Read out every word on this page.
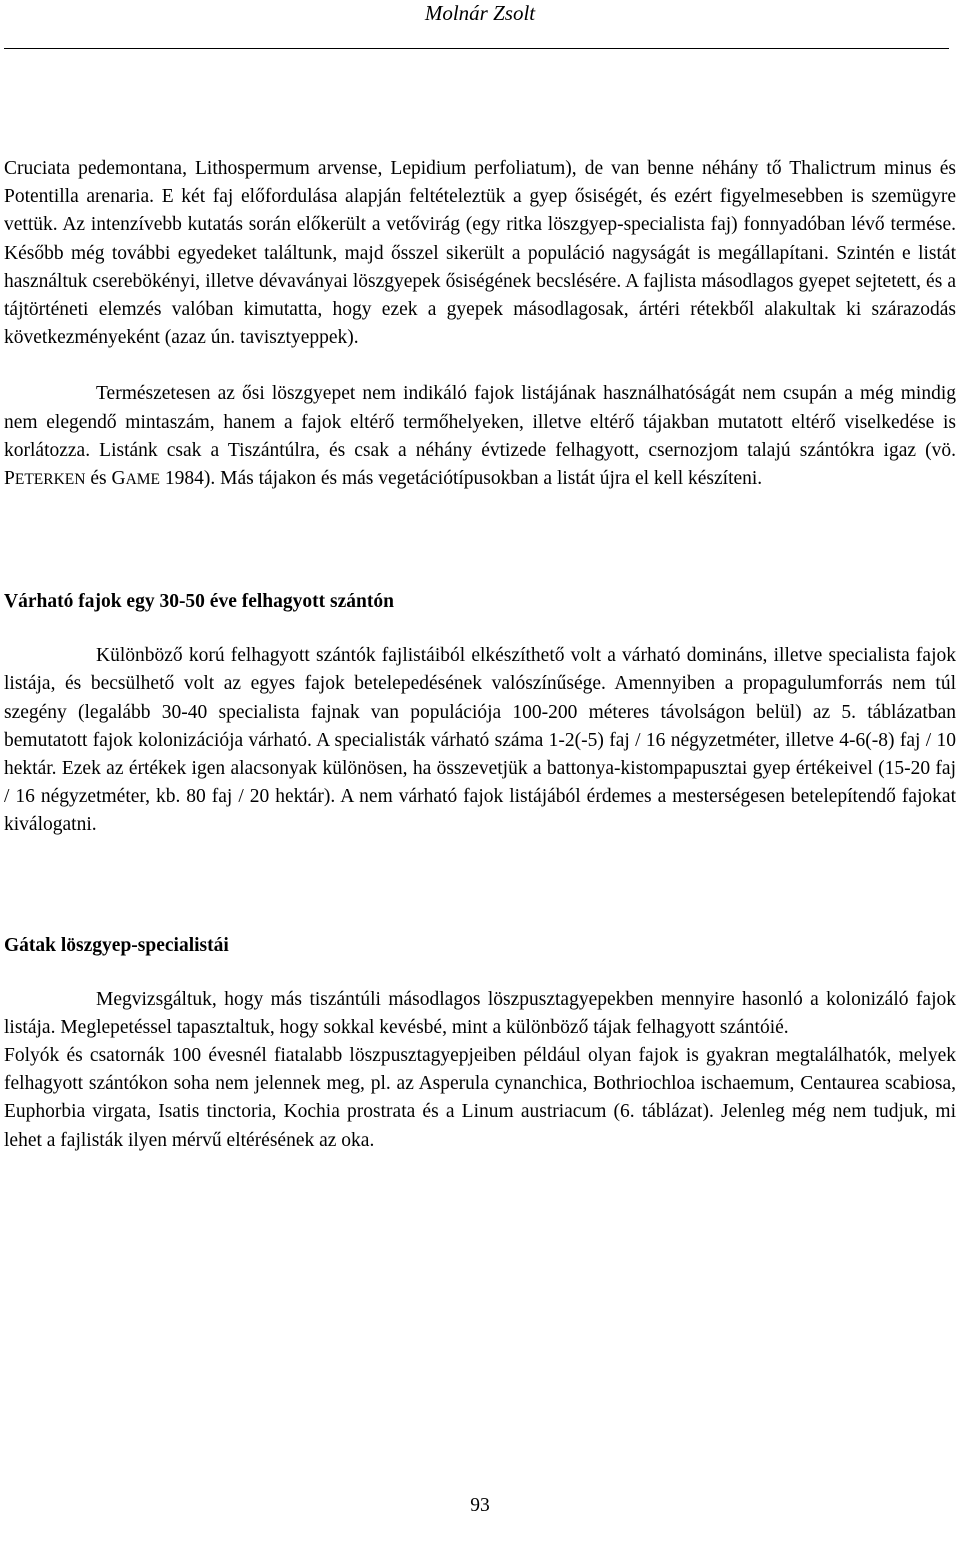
Molnár Zsolt

Cruciata pedemontana, Lithospermum arvense, Lepidium perfoliatum), de van benne néhány tő Thalictrum minus és Potentilla arenaria. E két faj előfordulása alapján feltételeztük a gyep ősiségét, és ezért figyelmesebben is szemügyre vettük. Az intenzívebb kutatás során előkerült a vetővirág (egy ritka löszgyep-specialista faj) fonnyadóban lévő termése. Később még további egyedeket találtunk, majd ősszel sikerült a populáció nagyságát is megállapítani. Szintén e listát használtuk cserebökényi, illetve dévaványai löszgyepek ősiségének becslésére. A fajlista másodlagos gyepet sejtetett, és a tájtörténeti elemzés valóban kimutatta, hogy ezek a gyepek másodlagosak, ártéri rétekből alakultak ki szárazodás következményeként (azaz ún. tavisztyeppek).

Természetesen az ősi löszgyepet nem indikáló fajok listájának használhatóságát nem csupán a még mindig nem elegendő mintaszám, hanem a fajok eltérő termőhelyeken, illetve eltérő tájakban mutatott eltérő viselkedése is korlátozza. Listánk csak a Tiszántúlra, és csak a néhány évtizede felhagyott, csernozjom talajú szántókra igaz (vö. PETERKEN és GAME 1984). Más tájakon és más vegetációtípusokban a listát újra el kell készíteni.

Várható fajok egy 30-50 éve felhagyott szántón

Különböző korú felhagyott szántók fajlistáiból elkészíthető volt a várható domináns, illetve specialista fajok listája, és becsülhető volt az egyes fajok betelepedésének valószínűsége. Amennyiben a propagulumforrás nem túl szegény (legalább 30-40 specialista fajnak van populációja 100-200 méteres távolságon belül) az 5. táblázatban bemutatott fajok kolonizációja várható. A specialisták várható száma 1-2(-5) faj / 16 négyzetméter, illetve 4-6(-8) faj / 10 hektár. Ezek az értékek igen alacsonyak különösen, ha összevetjük a battonya-kistompapusztai gyep értékeivel (15-20 faj / 16 négyzetméter, kb. 80 faj / 20 hektár). A nem várható fajok listájából érdemes a mesterségesen betelepítendő fajokat kiválogatni.

Gátak löszgyep-specialistái

Megvizsgáltuk, hogy más tiszántúli másodlagos löszpusztagyepekben mennyire hasonló a kolonizáló fajok listája. Meglepetéssel tapasztaltuk, hogy sokkal kevésbé, mint a különböző tájak felhagyott szántóié.

Folyók és csatornák 100 évesnél fiatalabb löszpusztagyepjeiben például olyan fajok is gyakran megtalálhatók, melyek felhagyott szántókon soha nem jelennek meg, pl. az Asperula cynanchica, Bothriochloa ischaemum, Centaurea scabiosa, Euphorbia virgata, Isatis tinctoria, Kochia prostrata és a Linum austriacum (6. táblázat). Jelenleg még nem tudjuk, mi lehet a fajlisták ilyen mérvű eltérésének az oka.

93
